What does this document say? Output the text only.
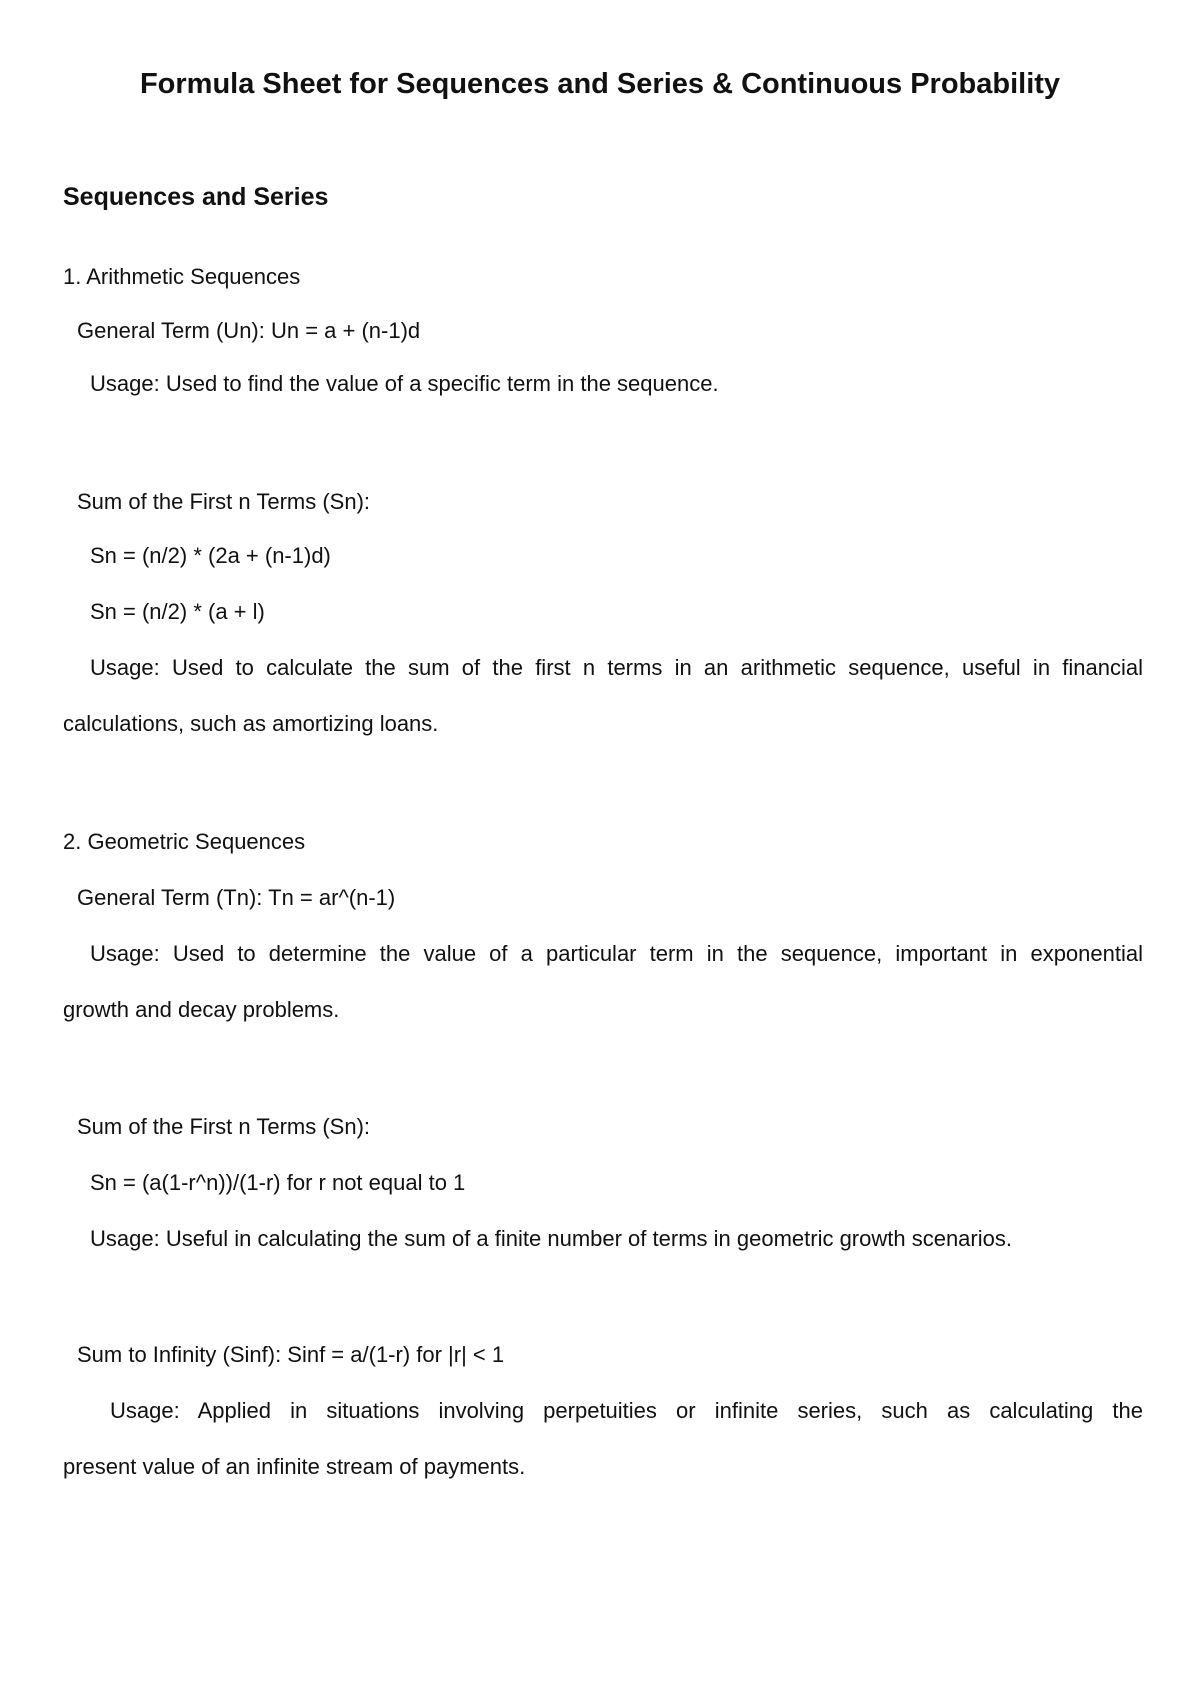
Formula Sheet for Sequences and Series & Continuous Probability
Sequences and Series

1. Arithmetic Sequences

General Term (Un): Un = a + (n-1)d

Usage: Used to find the value of a specific term in the sequence.

Sum of the First n Terms (Sn):

Sn = (n/2) * (2a + (n-1)d)

Sn = (n/2) * (a + l)

Usage: Used to calculate the sum of the first n terms in an arithmetic sequence, useful in financial

calculations, such as amortizing loans.

2. Geometric Sequences

General Term (Tn): Tn = ar^(n-1)

Usage: Used to determine the value of a particular term in the sequence, important in exponential

growth and decay problems.

Sum of the First n Terms (Sn):

Sn = (a(1-r^n))/(1-r) for r not equal to 1

Usage: Useful in calculating the sum of a finite number of terms in geometric growth scenarios.

Sum to Infinity (Sinf): Sinf = a/(1-r) for |r| < 1

Usage: Applied in situations involving perpetuities or infinite series, such as calculating the

present value of an infinite stream of payments.
